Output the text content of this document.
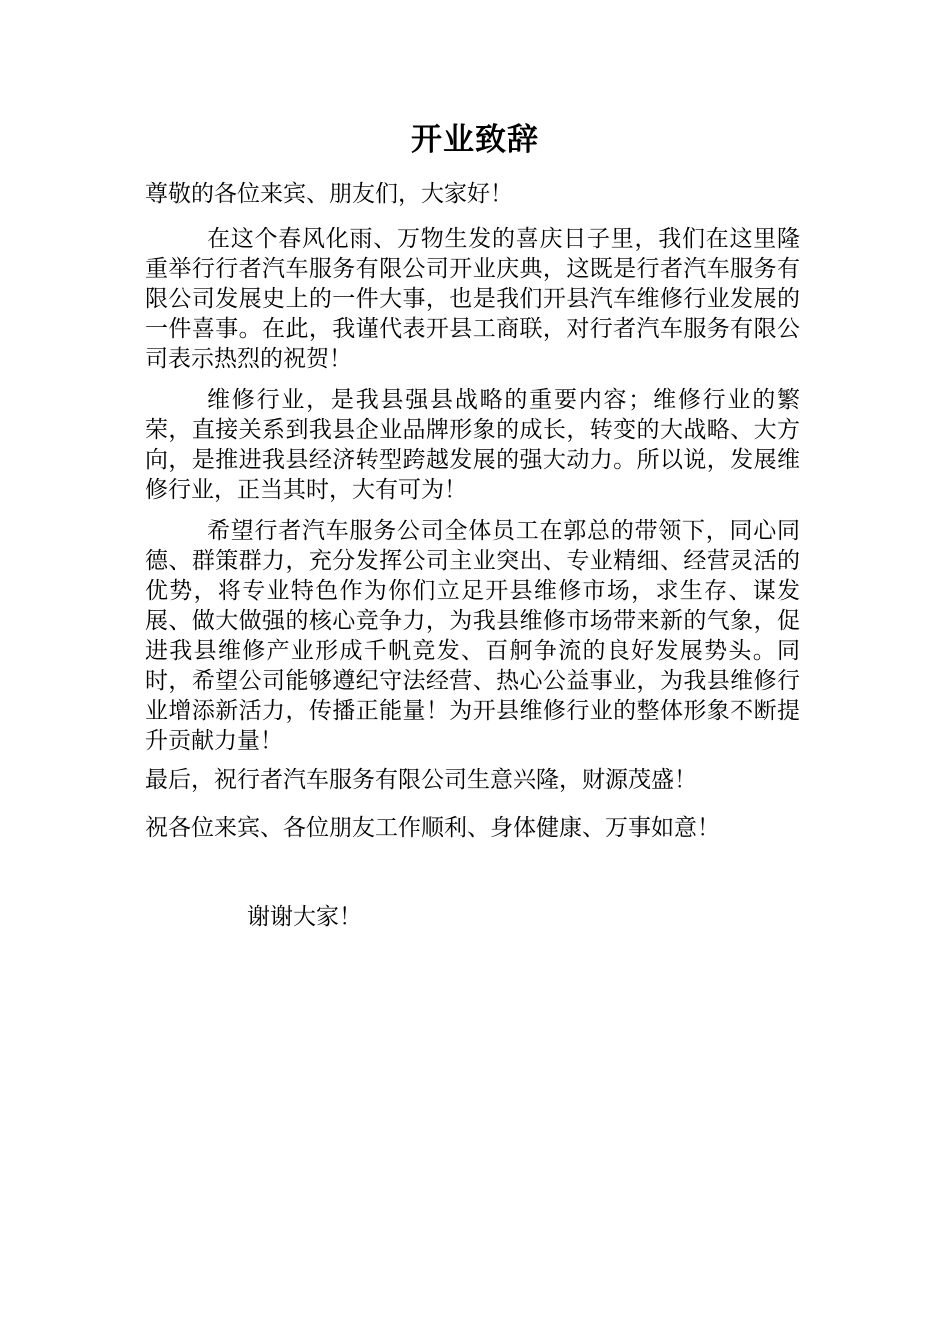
开业致辞

尊敬的各位来宾、朋友们，大家好！

在这个春风化雨、万物生发的喜庆日子里，我们在这里隆重举行行者汽车服务有限公司开业庆典，这既是行者汽车服务有限公司发展史上的一件大事，也是我们开县汽车维修行业发展的一件喜事。在此，我谨代表开县工商联，对行者汽车服务有限公司表示热烈的祝贺！

维修行业，是我县强县战略的重要内容；维修行业的繁荣，直接关系到我县企业品牌形象的成长，转变的大战略、大方向，是推进我县经济转型跨越发展的强大动力。所以说，发展维修行业，正当其时，大有可为！

希望行者汽车服务公司全体员工在郭总的带领下，同心同德、群策群力，充分发挥公司主业突出、专业精细、经营灵活的优势，将专业特色作为你们立足开县维修市场，求生存、谋发展、做大做强的核心竞争力，为我县维修市场带来新的气象，促进我县维修产业形成千帆竞发、百舸争流的良好发展势头。同时，希望公司能够遵纪守法经营、热心公益事业，为我县维修行业增添新活力，传播正能量！为开县维修行业的整体形象不断提升贡献力量！

最后，祝行者汽车服务有限公司生意兴隆，财源茂盛！

祝各位来宾、各位朋友工作顺利、身体健康、万事如意！

谢谢大家！
